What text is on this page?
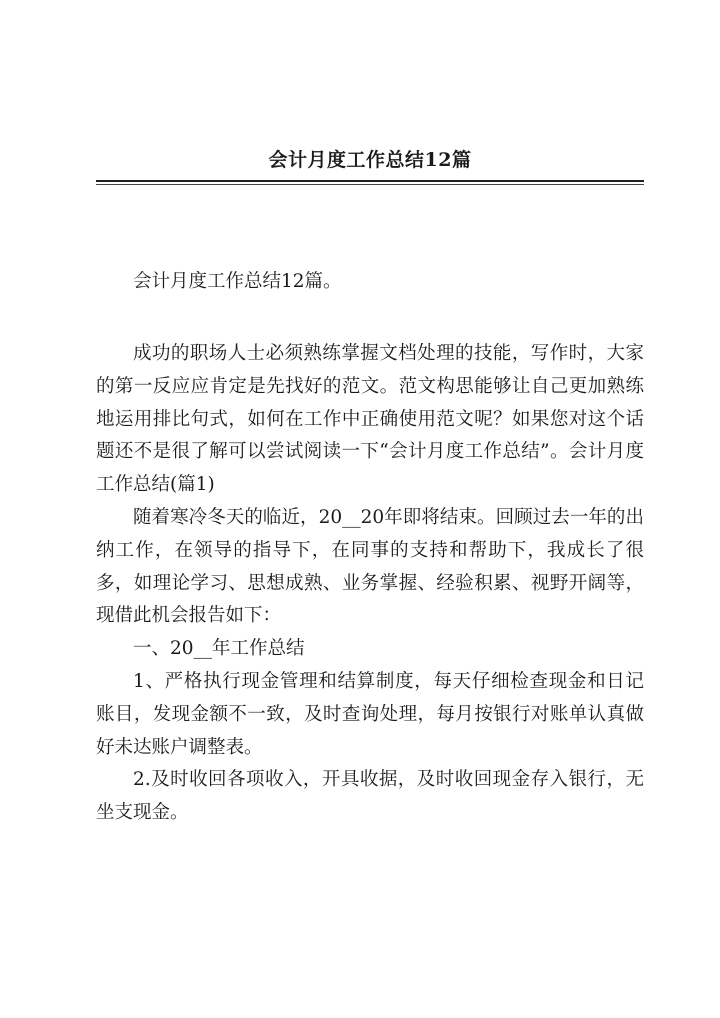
会计月度工作总结12篇

会计月度工作总结12篇。

成功的职场人士必须熟练掌握文档处理的技能，写作时，大家的第一反应应肯定是先找好的范文。范文构思能够让自己更加熟练地运用排比句式，如何在工作中正确使用范文呢？如果您对这个话题还不是很了解可以尝试阅读一下“会计月度工作总结”。会计月度工作总结(篇1)

随着寒冷冬天的临近，20__20年即将结束。回顾过去一年的出纳工作，在领导的指导下，在同事的支持和帮助下，我成长了很多，如理论学习、思想成熟、业务掌握、经验积累、视野开阔等，现借此机会报告如下：

一、20__年工作总结

1、严格执行现金管理和结算制度，每天仔细检查现金和日记账目，发现金额不一致，及时查询处理，每月按银行对账单认真做好未达账户调整表。

2.及时收回各项收入，开具收据，及时收回现金存入银行，无坐支现金。
